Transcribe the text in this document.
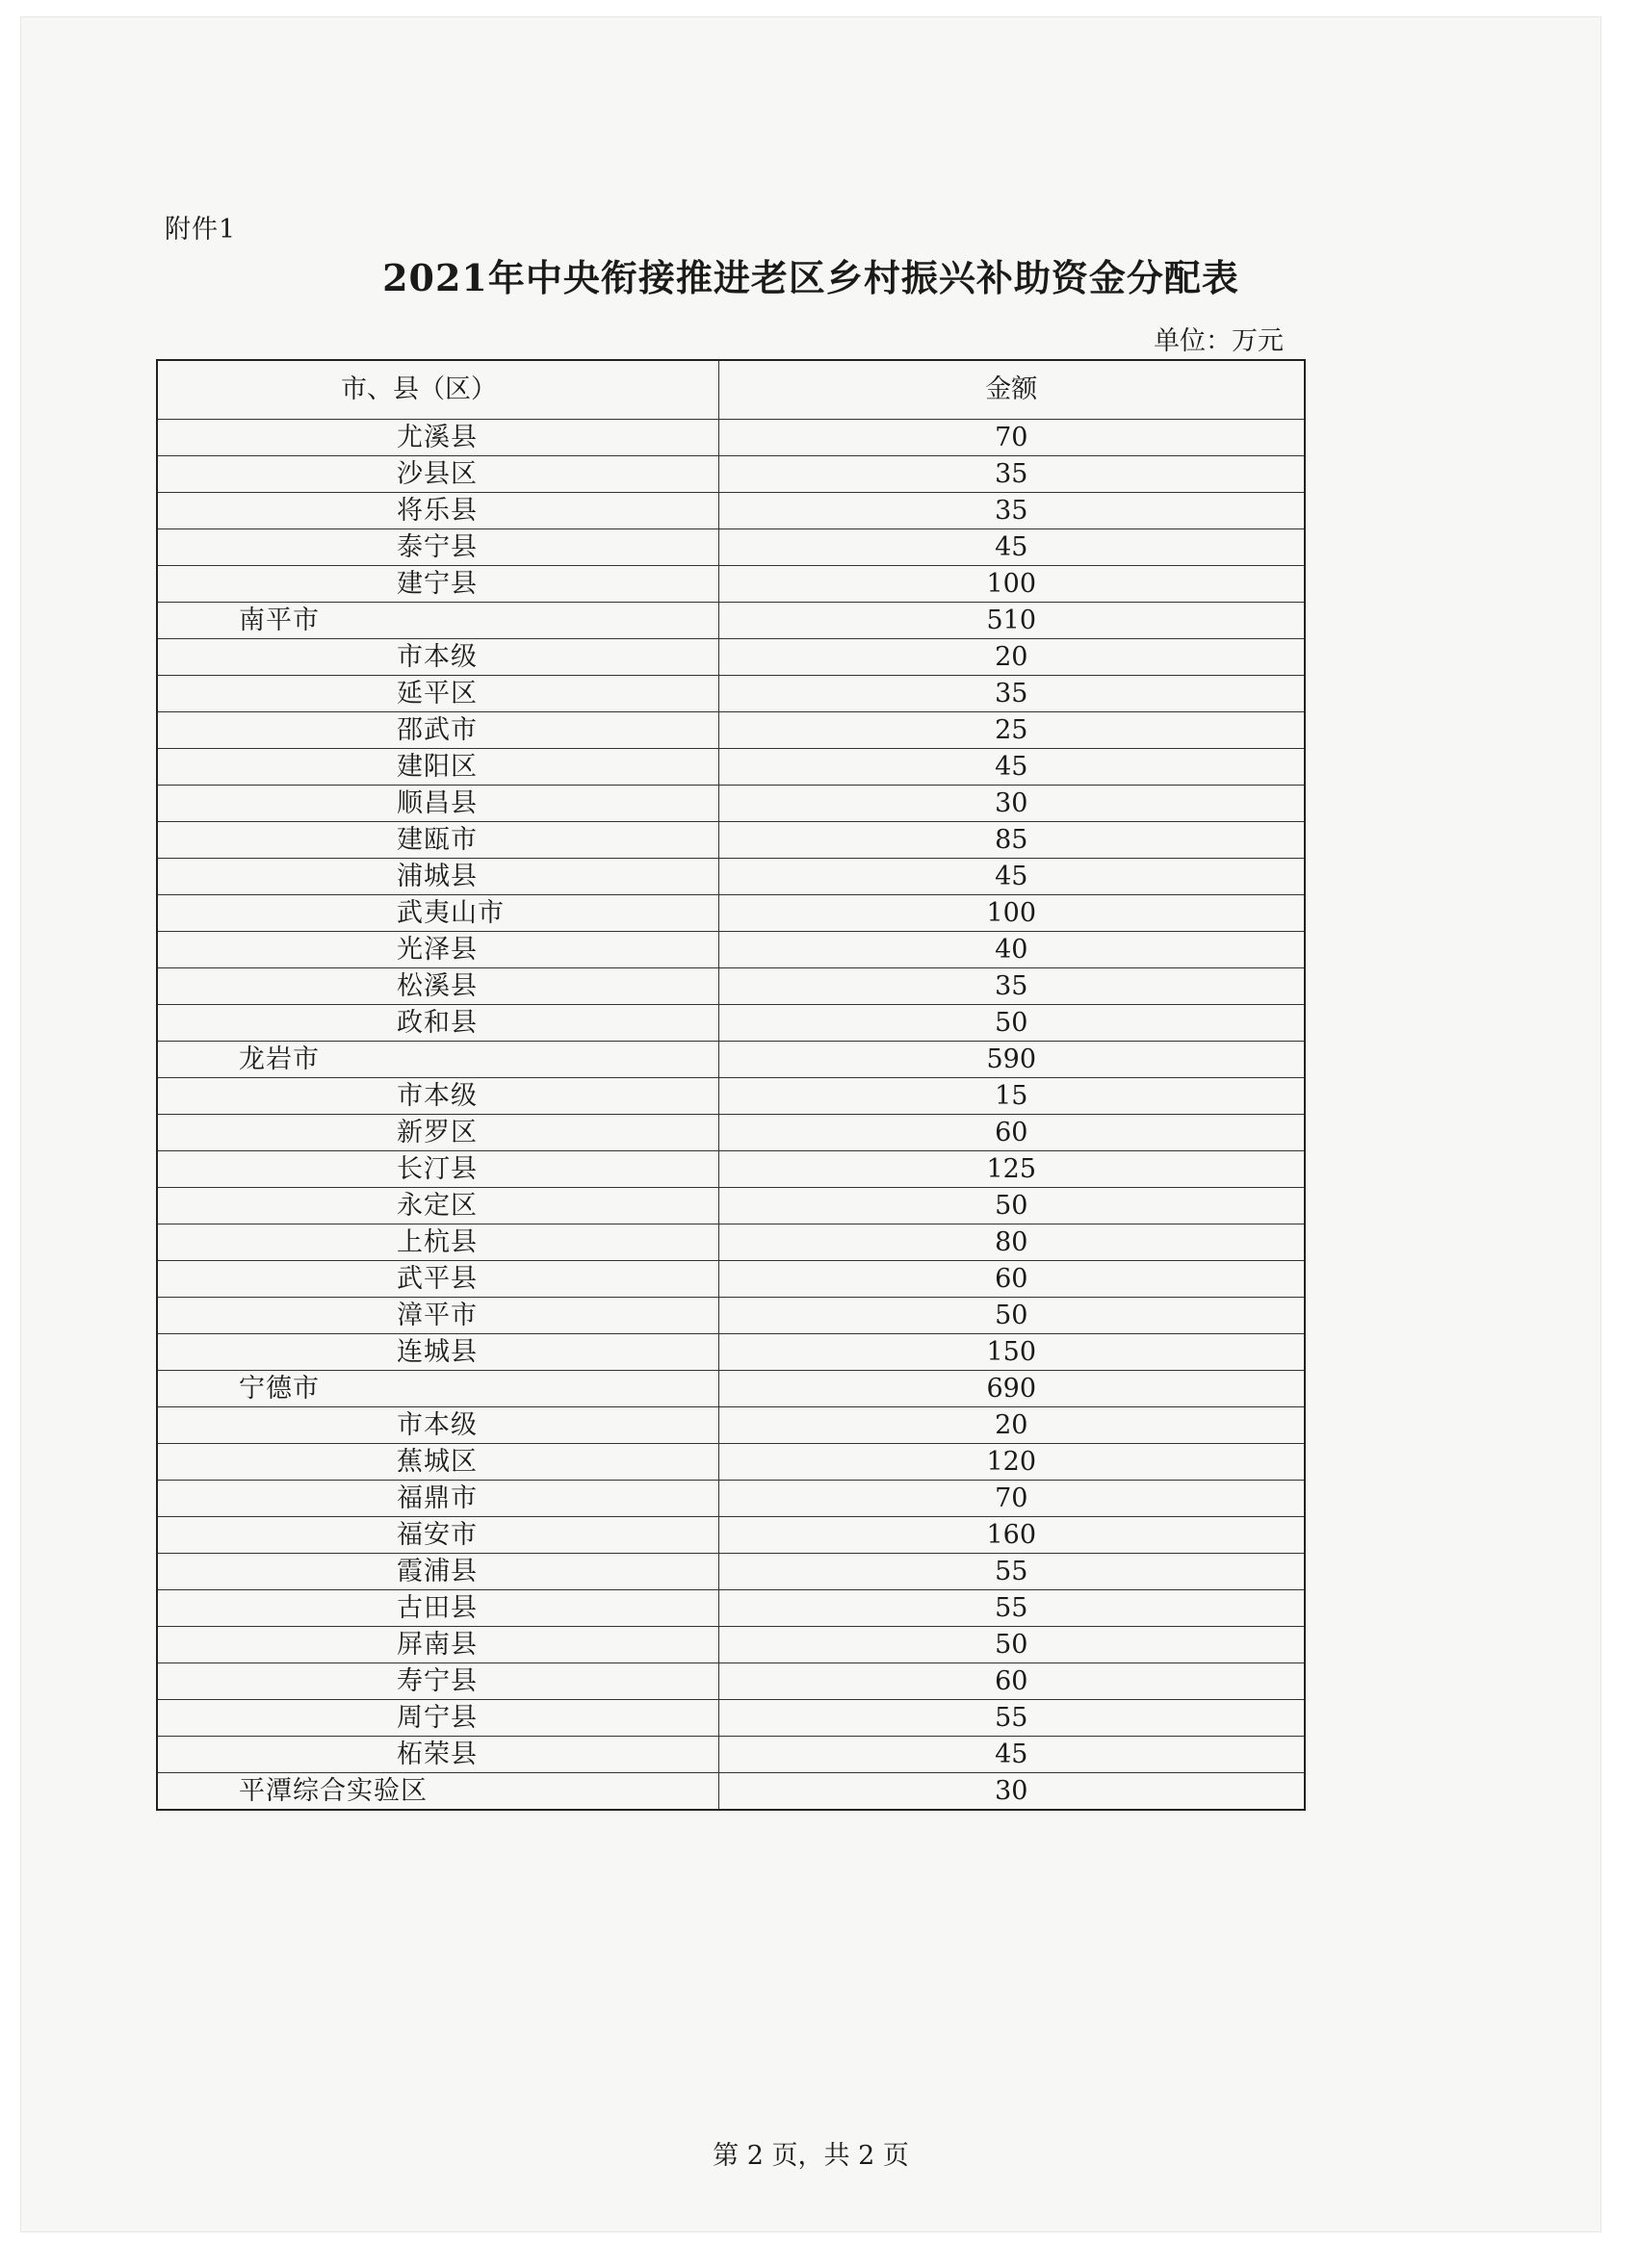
附件1
2021年中央衔接推进老区乡村振兴补助资金分配表
单位：万元
市、县（区）	金额
尤溪县	70
沙县区	35
将乐县	35
泰宁县	45
建宁县	100
南平市	510
市本级	20
延平区	35
邵武市	25
建阳区	45
顺昌县	30
建瓯市	85
浦城县	45
武夷山市	100
光泽县	40
松溪县	35
政和县	50
龙岩市	590
市本级	15
新罗区	60
长汀县	125
永定区	50
上杭县	80
武平县	60
漳平市	50
连城县	150
宁德市	690
市本级	20
蕉城区	120
福鼎市	70
福安市	160
霞浦县	55
古田县	55
屏南县	50
寿宁县	60
周宁县	55
柘荣县	45
平潭综合实验区	30
第 2 页，共 2 页
